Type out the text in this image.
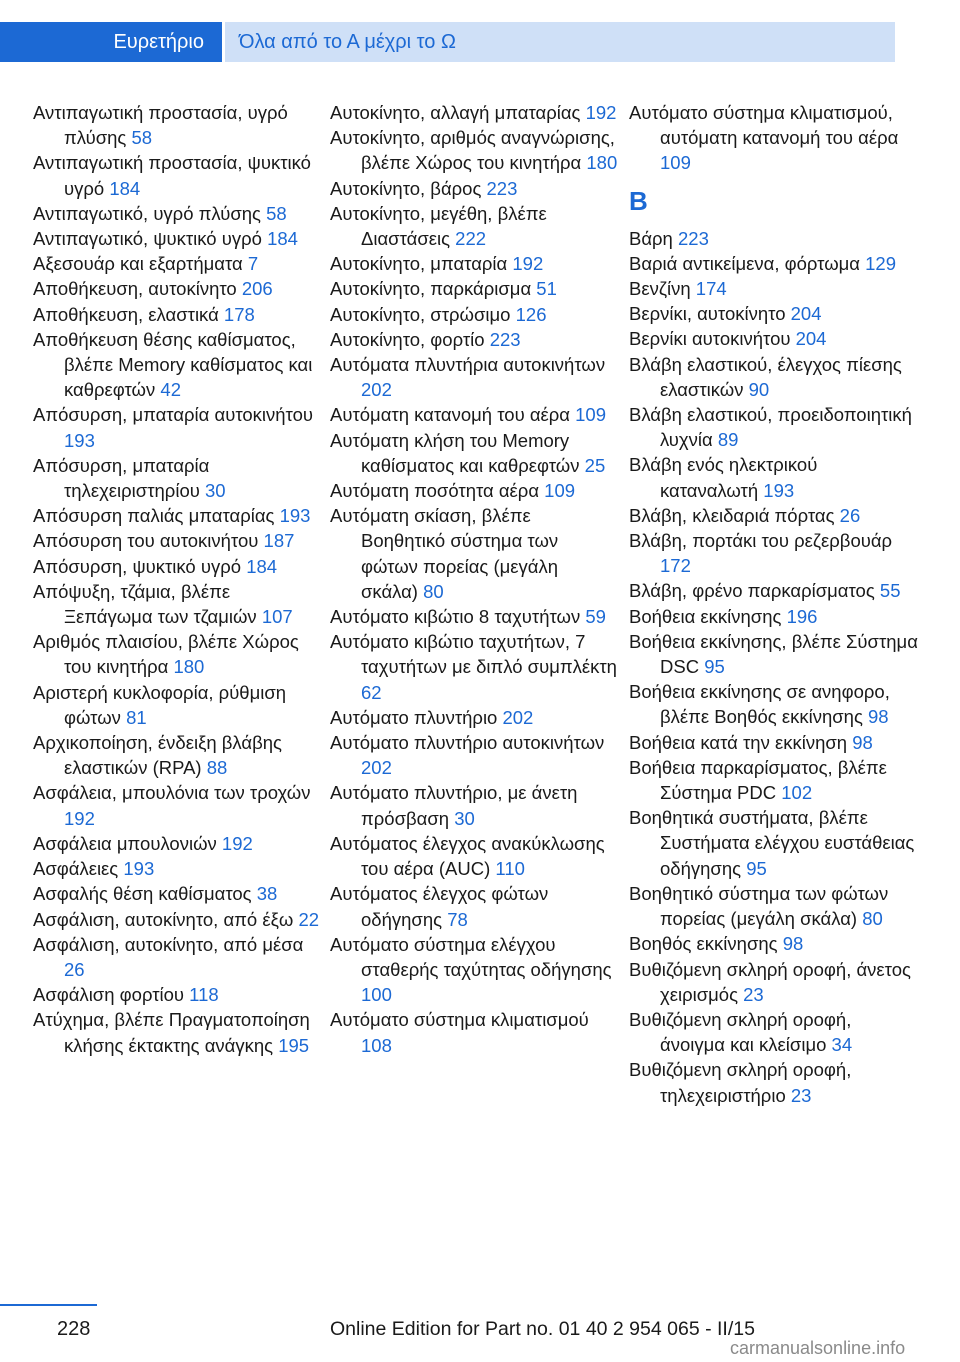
Ευρετήριο	Όλα από το Α μέχρι το Ω

Αντιπαγωτική προστασία, υγρό πλύσης 58

Αντιπαγωτική προστασία, ψυκτικό υγρό 184

Αντιπαγωτικό, υγρό πλύσης 58

Αντιπαγωτικό, ψυκτικό υγρό 184

Αξεσουάρ και εξαρτήματα 7

Αποθήκευση, αυτοκίνητο 206

Αποθήκευση, ελαστικά 178

Αποθήκευση θέσης καθίσματος, βλέπε Memory καθίσματος και καθρεφτών 42

Απόσυρση, μπαταρία αυτοκινήτου 193

Απόσυρση, μπαταρία τηλεχειριστηρίου 30

Απόσυρση παλιάς μπαταρίας 193

Απόσυρση του αυτοκινήτου 187

Απόσυρση, ψυκτικό υγρό 184

Απόψυξη, τζάμια, βλέπε Ξεπάγωμα των τζαμιών 107

Αριθμός πλαισίου, βλέπε Χώρος του κινητήρα 180

Αριστερή κυκλοφορία, ρύθμιση φώτων 81

Αρχικοποίηση, ένδειξη βλάβης ελαστικών (RPA) 88

Ασφάλεια, μπουλόνια των τροχών 192

Ασφάλεια μπουλονιών 192

Ασφάλειες 193

Ασφαλής θέση καθίσματος 38

Ασφάλιση, αυτοκίνητο, από έξω 22

Ασφάλιση, αυτοκίνητο, από μέσα 26

Ασφάλιση φορτίου 118

Ατύχημα, βλέπε Πραγματοποίηση κλήσης έκτακτης ανάγκης 195

Αυτοκίνητο, αλλαγή μπαταρίας 192

Αυτοκίνητο, αριθμός αναγνώρισης, βλέπε Χώρος του κινητήρα 180

Αυτοκίνητο, βάρος 223

Αυτοκίνητο, μεγέθη, βλέπε Διαστάσεις 222

Αυτοκίνητο, μπαταρία 192

Αυτοκίνητο, παρκάρισμα 51

Αυτοκίνητο, στρώσιμο 126

Αυτοκίνητο, φορτίο 223

Αυτόματα πλυντήρια αυτοκινήτων 202

Αυτόματη κατανομή του αέρα 109

Αυτόματη κλήση του Memory καθίσματος και καθρεφτών 25

Αυτόματη ποσότητα αέρα 109

Αυτόματη σκίαση, βλέπε Βοηθητικό σύστημα των φώτων πορείας (μεγάλη σκάλα) 80

Αυτόματο κιβώτιο 8 ταχυτήτων 59

Αυτόματο κιβώτιο ταχυτήτων, 7 ταχυτήτων με διπλό συμπλέκτη 62

Αυτόματο πλυντήριο 202

Αυτόματο πλυντήριο αυτοκινήτων 202

Αυτόματο πλυντήριο, με άνετη πρόσβαση 30

Αυτόματος έλεγχος ανακύκλωσης του αέρα (AUC) 110

Αυτόματος έλεγχος φώτων οδήγησης 78

Αυτόματο σύστημα ελέγχου σταθερής ταχύτητας οδήγησης 100

Αυτόματο σύστημα κλιματισμού 108

Αυτόματο σύστημα κλιματισμού, αυτόματη κατανομή του αέρα 109

B

Βάρη 223

Βαριά αντικείμενα, φόρτωμα 129

Βενζίνη 174

Βερνίκι, αυτοκίνητο 204

Βερνίκι αυτοκινήτου 204

Βλάβη ελαστικού, έλεγχος πίεσης ελαστικών 90

Βλάβη ελαστικού, προειδοποιητική λυχνία 89

Βλάβη ενός ηλεκτρικού καταναλωτή 193

Βλάβη, κλειδαριά πόρτας 26

Βλάβη, πορτάκι του ρεζερβουάρ 172

Βλάβη, φρένο παρκαρίσματος 55

Βοήθεια εκκίνησης 196

Βοήθεια εκκίνησης, βλέπε Σύστημα DSC 95

Βοήθεια εκκίνησης σε ανηφορο, βλέπε Βοηθός εκκίνησης 98

Βοήθεια κατά την εκκίνηση 98

Βοήθεια παρκαρίσματος, βλέπε Σύστημα PDC 102

Βοηθητικά συστήματα, βλέπε Συστήματα ελέγχου ευστάθειας οδήγησης 95

Βοηθητικό σύστημα των φώτων πορείας (μεγάλη σκάλα) 80

Βοηθός εκκίνησης 98

Βυθιζόμενη σκληρή οροφή, άνετος χειρισμός 23

Βυθιζόμενη σκληρή οροφή, άνοιγμα και κλείσιμο 34

Βυθιζόμενη σκληρή οροφή, τηλεχειριστήριο 23

228	Online Edition for Part no. 01 40 2 954 065 - II/15
carmanualsonline.info
